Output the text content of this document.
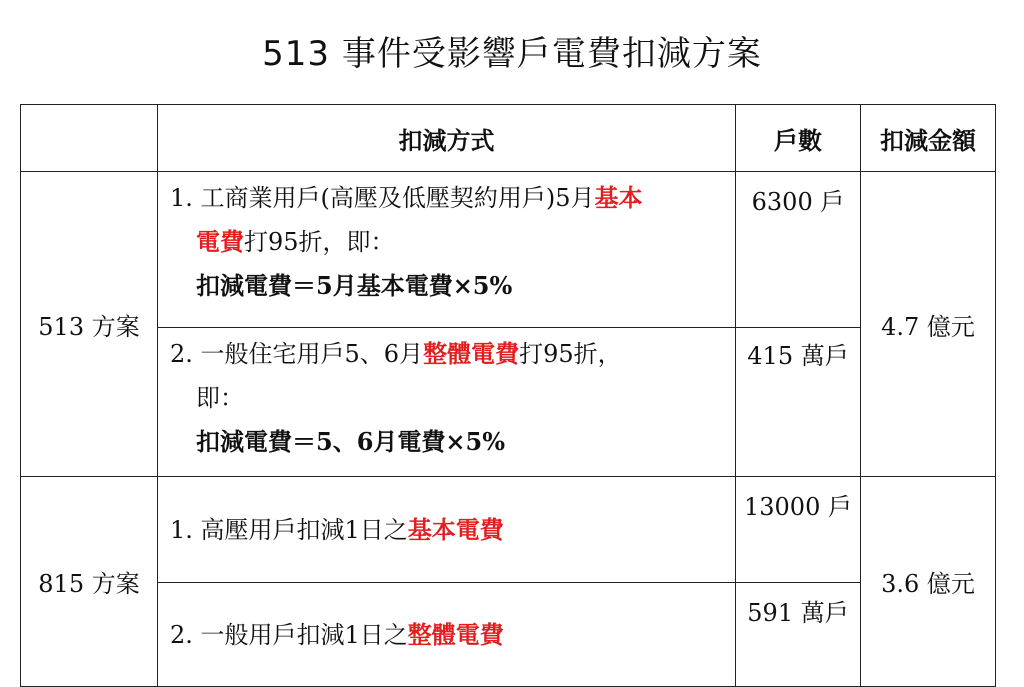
513 事件受影響戶電費扣減方案
	扣減方式	戶數	扣減金額
513 方案	1. 工商業用戶(高壓及低壓契約用戶)5月基本
電費打95折，即：
扣減電費＝5月基本電費×5%	6300 戶	4.7 億元

	2. 一般住宅用戶5、6月整體電費打95折，
即：
扣減電費＝5、6月電費×5%	415 萬戶	
815 方案	1. 高壓用戶扣減1日之基本電費	13000 戶	3.6 億元

	2. 一般用戶扣減1日之整體電費	591 萬戶	
